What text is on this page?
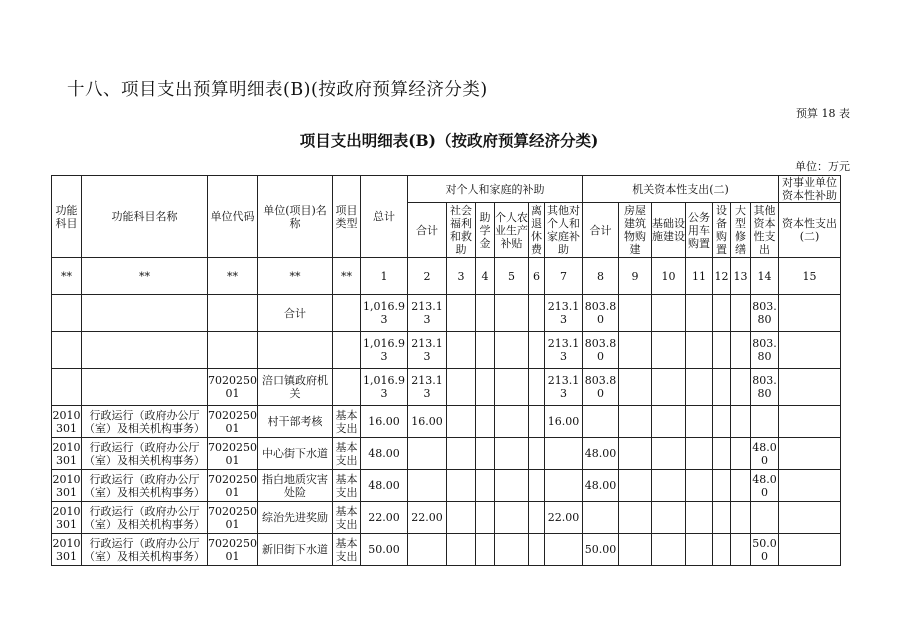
十八、项目支出预算明细表(B)(按政府预算经济分类)
预算 18 表
项目支出明细表(B)（按政府预算经济分类)
单位：万元
功能科目	功能科目名称	单位代码	单位(项目)名称	项目类型	总计	对个人和家庭的补助						机关资本性支出(二)							对事业单位资本性补助
						合计	社会福利和救助	助学金	个人农业生产补贴	离退休费	其他对个人和家庭补助	合计	房屋建筑物购建	基础设施建设	公务用车购置	设备购置	大型修缮	其他资本性支出	资本性支出(二)
**	**	**	**	**	1	2	3	4	5	6	7	8	9	10	11	12	13	14	15
			合计		1,016.93	213.13					213.13	803.80						803.80	
					1,016.93	213.13					213.13	803.80						803.80	
		702025001	涪口镇政府机关		1,016.93	213.13					213.13	803.80						803.80	
2010301	行政运行（政府办公厅（室）及相关机构事务）	702025001	村干部考核	基本支出	16.00	16.00					16.00								
2010301	行政运行（政府办公厅（室）及相关机构事务）	702025001	中心街下水道	基本支出	48.00							48.00						48.00	
2010301	行政运行（政府办公厅（室）及相关机构事务）	702025001	指白地质灾害处险	基本支出	48.00							48.00						48.00	
2010301	行政运行（政府办公厅（室）及相关机构事务）	702025001	综治先进奖励	基本支出	22.00	22.00					22.00								
2010301	行政运行（政府办公厅（室）及相关机构事务）	702025001	新旧街下水道	基本支出	50.00							50.00						50.00	
